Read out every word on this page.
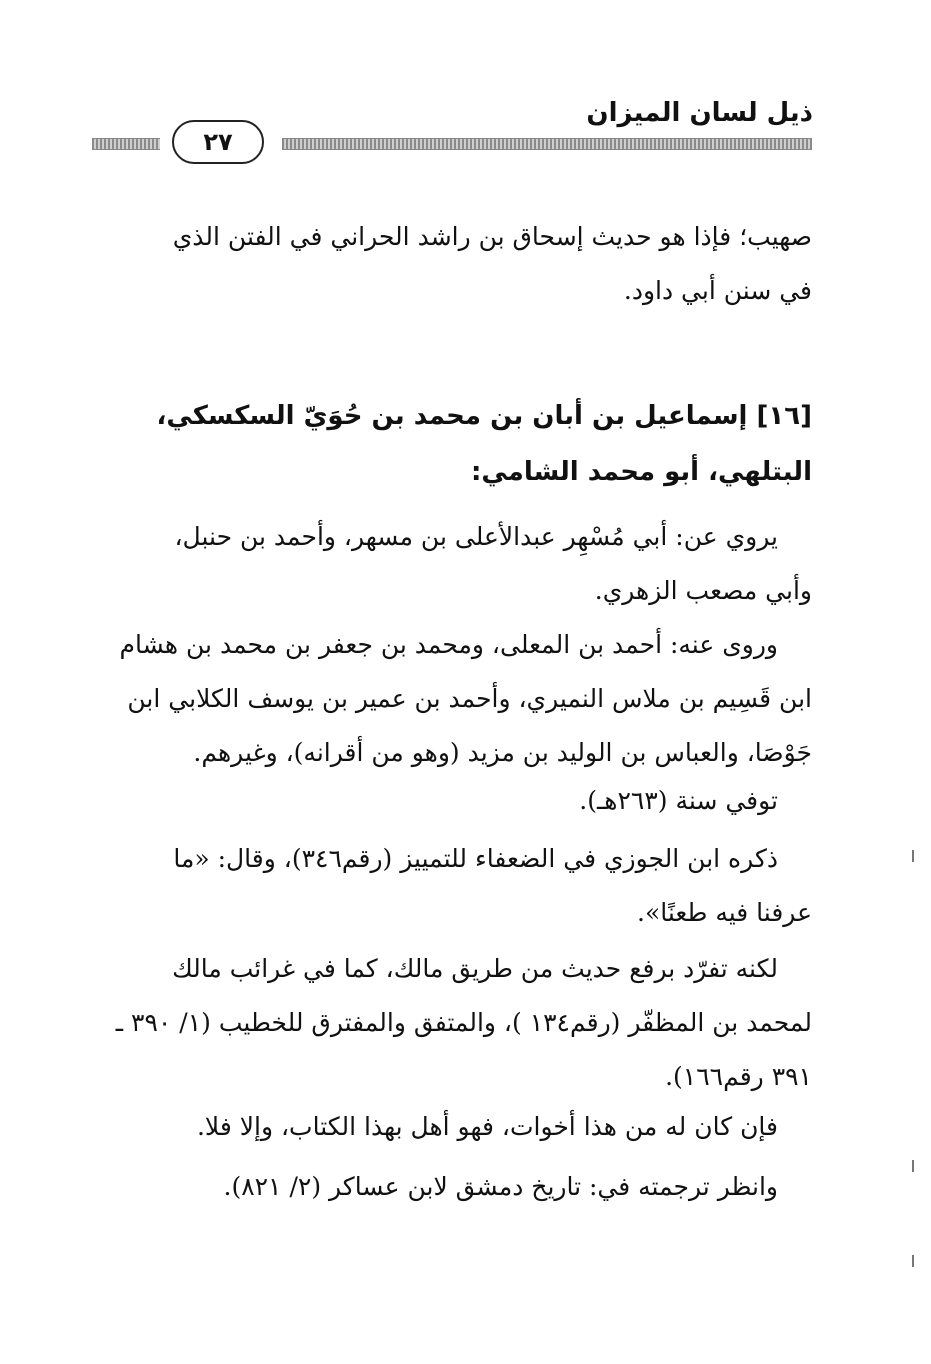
ذيل لسان الميزان
٢٧
صهيب؛ فإذا هو حديث إسحاق بن راشد الحراني في الفتن الذي
في سنن أبي داود.
[١٦] إسماعيل بن أبان بن محمد بن حُوَيّ السكسكي،
البتلهي، أبو محمد الشامي:
يروي عن: أبي مُسْهِر عبدالأعلى بن مسهر، وأحمد بن حنبل،
وأبي مصعب الزهري.
وروى عنه: أحمد بن المعلى، ومحمد بن جعفر بن محمد بن هشام
ابن قَسِيم بن ملاس النميري، وأحمد بن عمير بن يوسف الكلابي ابن
جَوْصَا، والعباس بن الوليد بن مزيد (وهو من أقرانه)، وغيرهم.
توفي سنة (٢٦٣هـ).
ذكره ابن الجوزي في الضعفاء للتمييز (رقم٣٤٦)، وقال: «ما
عرفنا فيه طعنًا».
لكنه تفرّد برفع حديث من طريق مالك، كما في غرائب مالك
لمحمد بن المظفّر (رقم١٣٤ )، والمتفق والمفترق للخطيب (١/ ٣٩٠ ـ
٣٩١ رقم١٦٦).
فإن كان له من هذا أخوات، فهو أهل بهذا الكتاب، وإلا فلا.
وانظر ترجمته في: تاريخ دمشق لابن عساكر (٢/ ٨٢١).
